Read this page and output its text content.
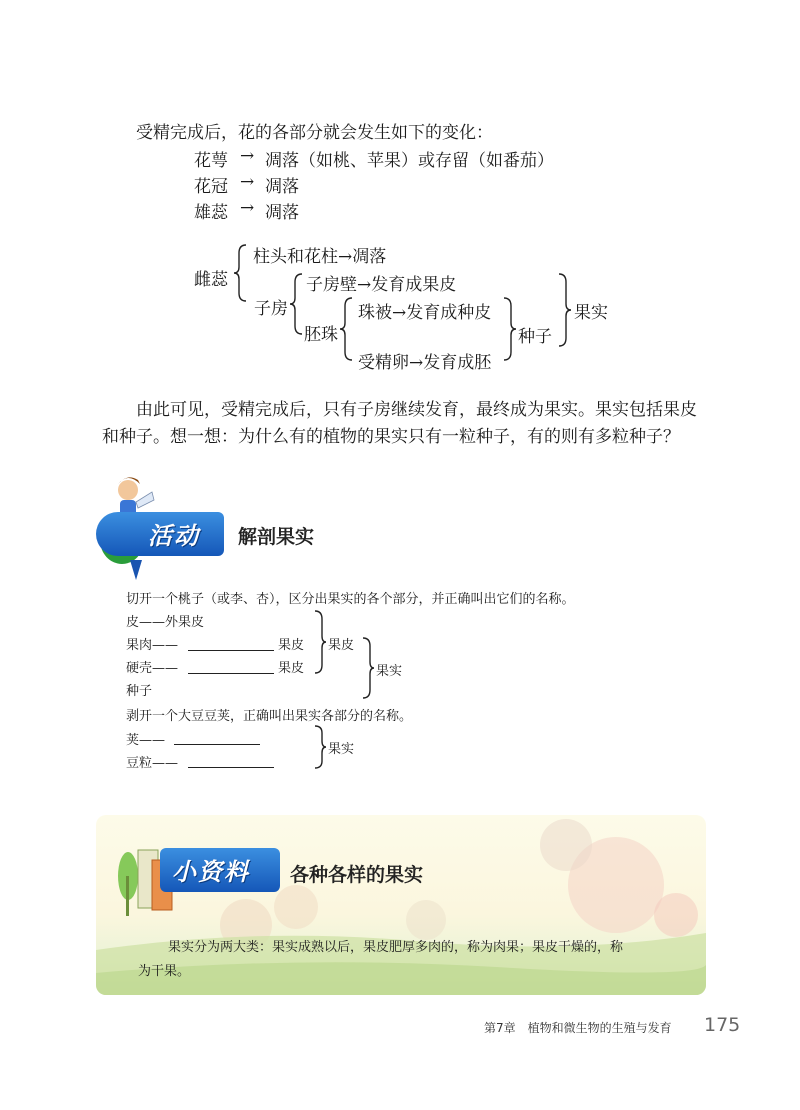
受精完成后，花的各部分就会发生如下的变化：
花萼 → 凋落（如桃、苹果）或存留（如番茄）
花冠 → 凋落
雄蕊 → 凋落
雌蕊
柱头和花柱→凋落
子房
子房壁→发育成果皮
胚珠
珠被→发育成种皮
受精卵→发育成胚
种子
果实
由此可见，受精完成后，只有子房继续发育，最终成为果实。果实包括果皮
和种子。想一想：为什么有的植物的果实只有一粒种子，有的则有多粒种子？
活动 解剖果实
切开一个桃子（或李、杏），区分出果实的各个部分，并正确叫出它们的名称。
皮——外果皮
果肉——	果皮
硬壳——	果皮
种子
果皮
果实
剥开一个大豆豆荚，正确叫出果实各部分的名称。
荚——
豆粒——
果实
小资料 各种各样的果实
果实分为两大类：果实成熟以后，果皮肥厚多肉的，称为肉果；果皮干燥的，称
为干果。
第7章　植物和微生物的生殖与发育 175
